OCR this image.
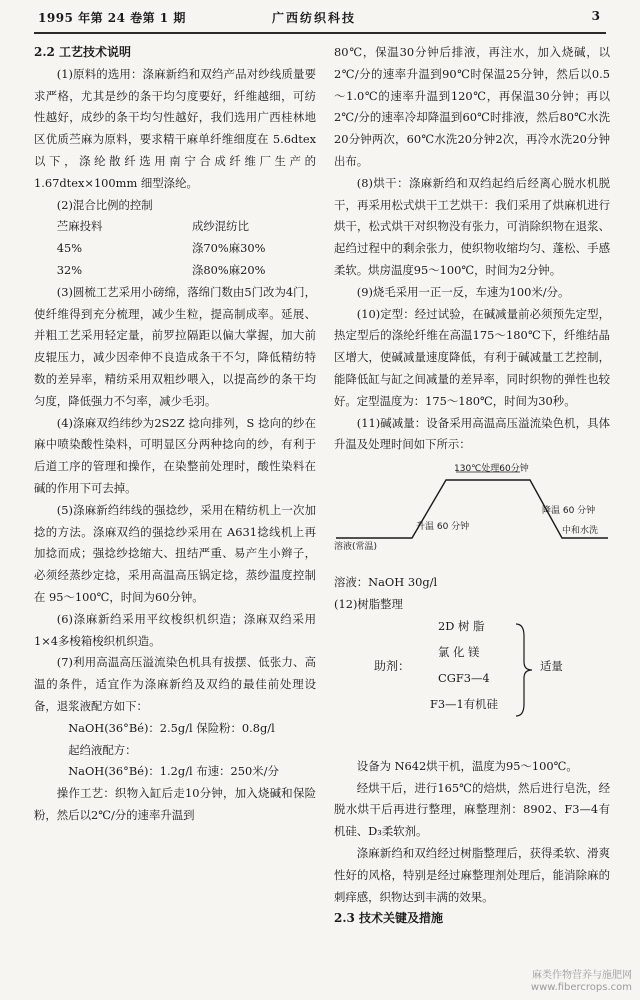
1995 年第 24 卷第 1 期	广西纺织科技	3

2.2 工艺技术说明

(1)原料的选用：涤麻新绉和双绉产品对纱线质量要求严格，尤其是纱的条干均匀度要好，纤维越细，可纺性越好，成纱的条干均匀性越好，我们选用广西桂林地区优质苎麻为原料，要求精干麻单纤维细度在 5.6dtex 以下，涤纶散纤选用南宁合成纤维厂生产的 1.67dtex×100mm 细型涤纶。

(2)混合比例的控制

苎麻投料	成纱混纺比
45%	涤70%麻30%
32%	涤80%麻20%

(3)圆梳工艺采用小磅绵，落绵门数由5门改为4门，使纤维得到充分梳理，减少生粒，提高制成率。延展、并粗工艺采用轻定量，前罗拉隔距以偏大掌握，加大前皮辊压力，减少因牵伸不良造成条干不匀，降低精纺特数的差异率，精纺采用双粗纱喂入，以提高纱的条干均匀度，降低强力不匀率，减少毛羽。

(4)涤麻双绉纬纱为2S2Z 捻向排列，S 捻向的纱在麻中喷染酸性染料，可明显区分两种捻向的纱，有利于后道工序的管理和操作，在染整前处理时，酸性染料在碱的作用下可去掉。

(5)涤麻新绉纬线的强捻纱，采用在精纺机上一次加捻的方法。涤麻双绉的强捻纱采用在 A631捻线机上再加捻而成；强捻纱捻缩大、扭结严重、易产生小辫子，必须经蒸纱定捻，采用高温高压锅定捻，蒸纱温度控制在 95～100℃，时间为60分钟。

(6)涤麻新绉采用平纹梭织机织造；涤麻双绉采用1×4多梭箱梭织机织造。

(7)利用高温高压溢流染色机具有拔摆、低张力、高温的条件，适宜作为涤麻新绉及双绉的最佳前处理设备，退浆液配方如下：

NaOH(36°Bé)：2.5g/l 保险粉：0.8g/l

起绉液配方：

NaOH(36°Bé)：1.2g/l 布速：250米/分

操作工艺：织物入缸后走10分钟，加入烧碱和保险粉，然后以2℃/分的速率升温到

80℃，保温30分钟后排液，再注水，加入烧碱，以2℃/分的速率升温到90℃时保温25分钟，然后以0.5～1.0℃的速率升温到120℃，再保温30分钟；再以2℃/分的速率冷却降温到60℃时排液，然后80℃水洗20分钟两次，60℃水洗20分钟2次，再冷水洗20分钟出布。

(8)烘干：涤麻新绉和双绉起绉后经离心脱水机脱干，再采用松式烘干工艺烘干：我们采用了烘麻机进行烘干，松式烘干对织物没有张力，可消除织物在退浆、起绉过程中的剩余张力，使织物收缩均匀、蓬松、手感柔软。烘房温度95～100℃，时间为2分钟。

(9)烧毛采用一正一反，车速为100米/分。

(10)定型：经过试验，在碱减量前必须预先定型，热定型后的涤纶纤维在高温175～180℃下，纤维结晶区增大，使碱减量速度降低，有利于碱减量工艺控制，能降低缸与缸之间减量的差异率，同时织物的弹性也较好。定型温度为：175～180℃，时间为30秒。

(11)碱减量：设备采用高温高压溢流染色机，具体升温及处理时间如下所示：

130℃处理60分钟
溶液(常温)
升温 60 分钟
降温 60 分钟
中和水洗

溶液：NaOH 30g/l

(12)树脂整理

助剂：
2D 树 脂
氯 化 镁
CGF3—4
F3—1有机硅
适量

设备为 N642烘干机，温度为95～100℃。

经烘干后，进行165℃的焙烘，然后进行皂洗，经脱水烘干后再进行整理，麻整理剂：8902、F3—4有机硅、D₃柔软剂。

涤麻新绉和双绉经过树脂整理后，获得柔软、滑爽性好的风格，特别是经过麻整理剂处理后，能消除麻的刺痒感，织物达到丰满的效果。

2.3 技术关键及措施

麻类作物营养与施肥网
www.fibercrops.com
